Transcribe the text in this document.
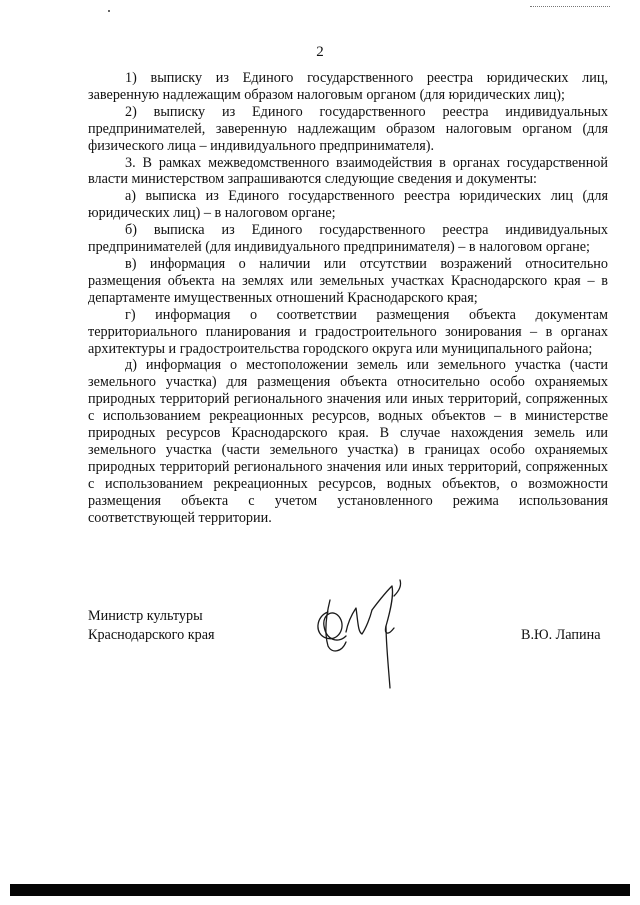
2

1) выписку из Единого государственного реестра юридических лиц, заверенную надлежащим образом налоговым органом (для юридических лиц);

2) выписку из Единого государственного реестра индивидуальных предпринимателей, заверенную надлежащим образом налоговым органом (для физического лица – индивидуального предпринимателя).

3. В рамках межведомственного взаимодействия в органах государственной власти министерством запрашиваются следующие сведения и документы:

а) выписка из Единого государственного реестра юридических лиц (для юридических лиц) – в налоговом органе;

б) выписка из Единого государственного реестра индивидуальных предпринимателей (для индивидуального предпринимателя) – в налоговом органе;

в) информация о наличии или отсутствии возражений относительно размещения объекта на землях или земельных участках Краснодарского края – в департаменте имущественных отношений Краснодарского края;

г) информация о соответствии размещения объекта документам территориального планирования и градостроительного зонирования – в органах архитектуры и градостроительства городского округа или муниципального района;

д) информация о местоположении земель или земельного участка (части земельного участка) для размещения объекта относительно особо охраняемых природных территорий регионального значения или иных территорий, сопряженных с использованием рекреационных ресурсов, водных объектов – в министерстве природных ресурсов Краснодарского края. В случае нахождения земель или земельного участка (части земельного участка) в границах особо охраняемых природных территорий регионального значения или иных территорий, сопряженных с использованием рекреационных ресурсов, водных объектов, о возможности размещения объекта с учетом установленного режима использования соответствующей территории.

Министр культуры
Краснодарского края	В.Ю. Лапина
